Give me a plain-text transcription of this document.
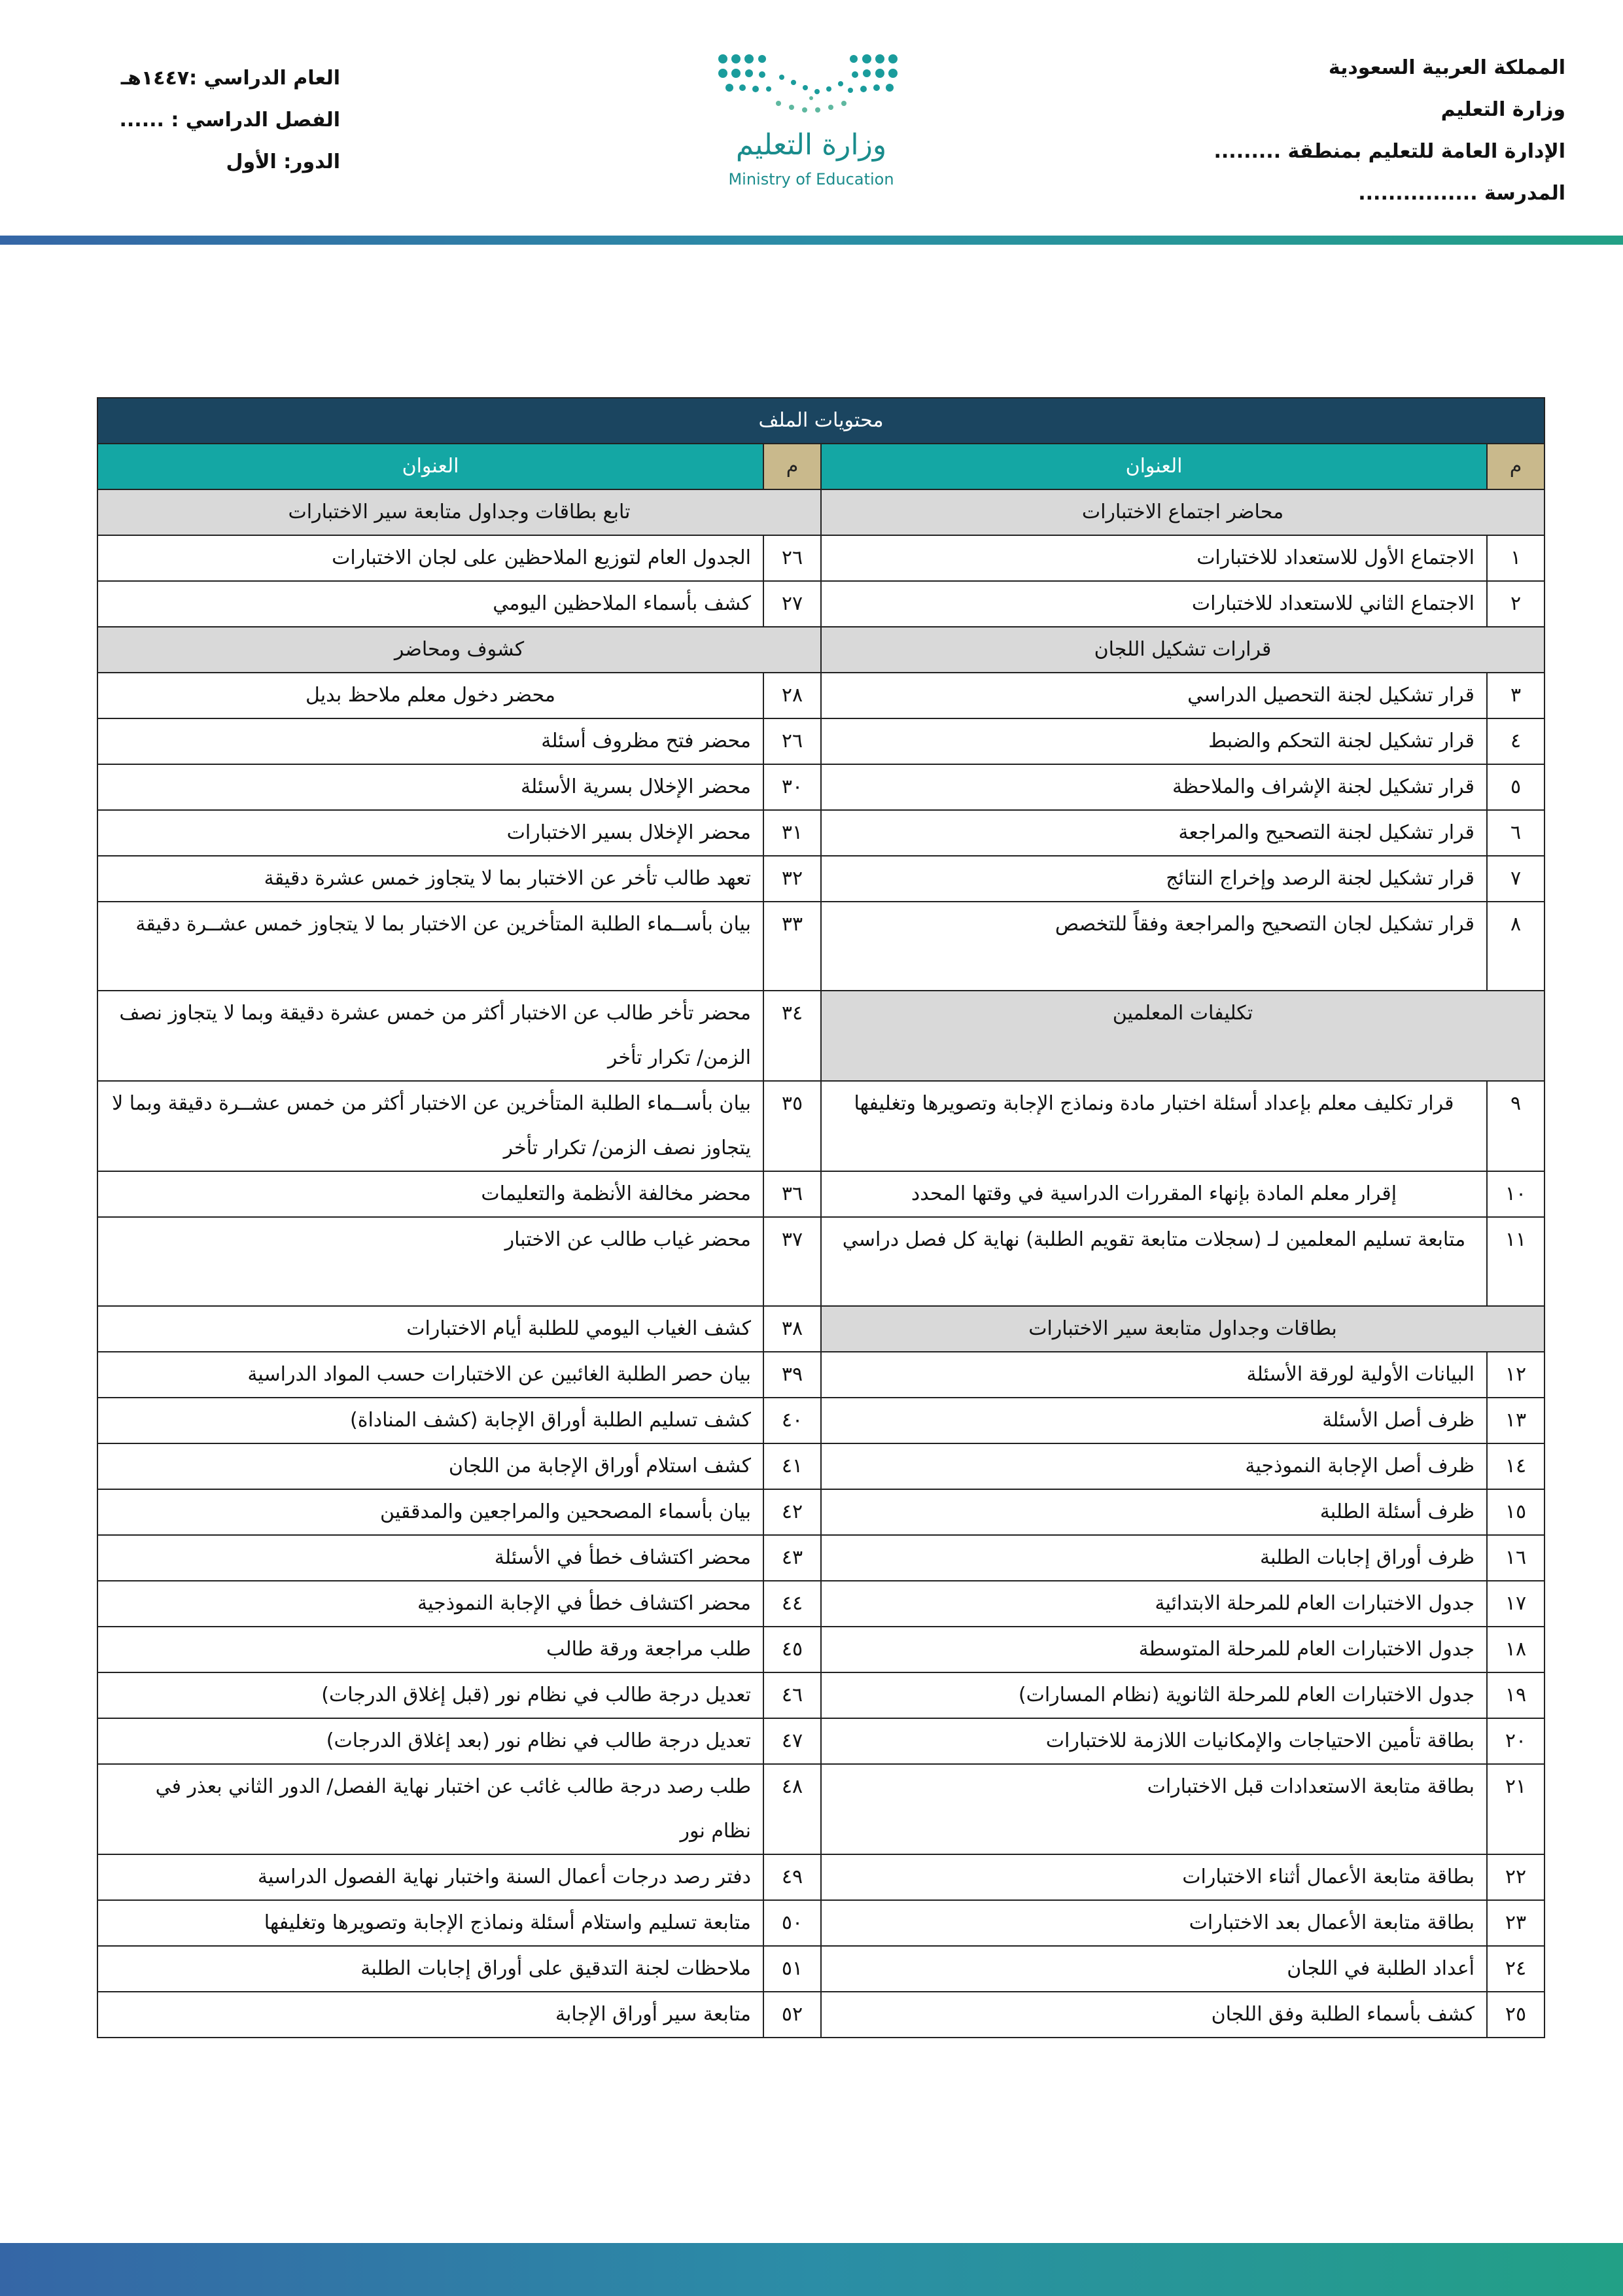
المملكة العربية السعودية
وزارة التعليم
الإدارة العامة للتعليم بمنطقة .........
المدرسة ................
وزارة التعليم
Ministry of Education
العام الدراسي :١٤٤٧هـ
الفصل الدراسي : ......
الدور: الأول
محتويات الملف			
م	العنوان	م	العنوان
محاضر اجتماع الاختبارات		تابع بطاقات وجداول متابعة سير الاختبارات	
١	الاجتماع الأول للاستعداد للاختبارات	٢٦	الجدول العام لتوزيع الملاحظين على لجان الاختبارات
٢	الاجتماع الثاني للاستعداد للاختبارات	٢٧	كشف بأسماء الملاحظين اليومي
قرارات تشكيل اللجان		كشوف ومحاضر	
٣	قرار تشكيل لجنة التحصيل الدراسي	٢٨	محضر دخول معلم ملاحظ بديل
٤	قرار تشكيل لجنة التحكم والضبط	٢٦	محضر فتح مظروف أسئلة
٥	قرار تشكيل لجنة الإشراف والملاحظة	٣٠	محضر الإخلال بسرية الأسئلة
٦	قرار تشكيل لجنة التصحيح والمراجعة	٣١	محضر الإخلال بسير الاختبارات
٧	قرار تشكيل لجنة الرصد وإخراج النتائج	٣٢	تعهد طالب تأخر عن الاختبار بما لا يتجاوز خمس عشرة دقيقة
٨	قرار تشكيل لجان التصحيح والمراجعة وفقاً للتخصص	٣٣	بيان بأســماء الطلبة المتأخرين عن الاختبار بما لا يتجاوز خمس عشــرة دقيقة
تكليفات المعلمين		٣٤	محضر تأخر طالب عن الاختبار أكثر من خمس عشرة دقيقة وبما لا يتجاوز نصف الزمن/ تكرار تأخر
٩	قرار تكليف معلم بإعداد أسئلة اختبار مادة ونماذج الإجابة وتصويرها وتغليفها	٣٥	بيان بأســماء الطلبة المتأخرين عن الاختبار أكثر من خمس عشــرة دقيقة وبما لا يتجاوز نصف الزمن/ تكرار تأخر
١٠	إقرار معلم المادة بإنهاء المقررات الدراسية في وقتها المحدد	٣٦	محضر مخالفة الأنظمة والتعليمات
١١	متابعة تسليم المعلمين لـ (سجلات متابعة تقويم الطلبة) نهاية كل فصل دراسي	٣٧	محضر غياب طالب عن الاختبار
بطاقات وجداول متابعة سير الاختبارات		٣٨	كشف الغياب اليومي للطلبة أيام الاختبارات
١٢	البيانات الأولية لورقة الأسئلة	٣٩	بيان حصر الطلبة الغائبين عن الاختبارات حسب المواد الدراسية
١٣	ظرف أصل الأسئلة	٤٠	كشف تسليم الطلبة أوراق الإجابة (كشف المناداة)
١٤	ظرف أصل الإجابة النموذجية	٤١	كشف استلام أوراق الإجابة من اللجان
١٥	ظرف أسئلة الطلبة	٤٢	بيان بأسماء المصححين والمراجعين والمدققين
١٦	ظرف أوراق إجابات الطلبة	٤٣	محضر اكتشاف خطأ في الأسئلة
١٧	جدول الاختبارات العام للمرحلة الابتدائية	٤٤	محضر اكتشاف خطأ في الإجابة النموذجية
١٨	جدول الاختبارات العام للمرحلة المتوسطة	٤٥	طلب مراجعة ورقة طالب
١٩	جدول الاختبارات العام للمرحلة الثانوية (نظام المسارات)	٤٦	تعديل درجة طالب في نظام نور (قبل إغلاق الدرجات)
٢٠	بطاقة تأمين الاحتياجات والإمكانيات اللازمة للاختبارات	٤٧	تعديل درجة طالب في نظام نور (بعد إغلاق الدرجات)
٢١	بطاقة متابعة الاستعدادات قبل الاختبارات	٤٨	طلب رصد درجة طالب غائب عن اختبار نهاية الفصل/ الدور الثاني بعذر في نظام نور
٢٢	بطاقة متابعة الأعمال أثناء الاختبارات	٤٩	دفتر رصد درجات أعمال السنة واختبار نهاية الفصول الدراسية
٢٣	بطاقة متابعة الأعمال بعد الاختبارات	٥٠	متابعة تسليم واستلام أسئلة ونماذج الإجابة وتصويرها وتغليفها
٢٤	أعداد الطلبة في اللجان	٥١	ملاحظات لجنة التدقيق على أوراق إجابات الطلبة
٢٥	كشف بأسماء الطلبة وفق اللجان	٥٢	متابعة سير أوراق الإجابة
